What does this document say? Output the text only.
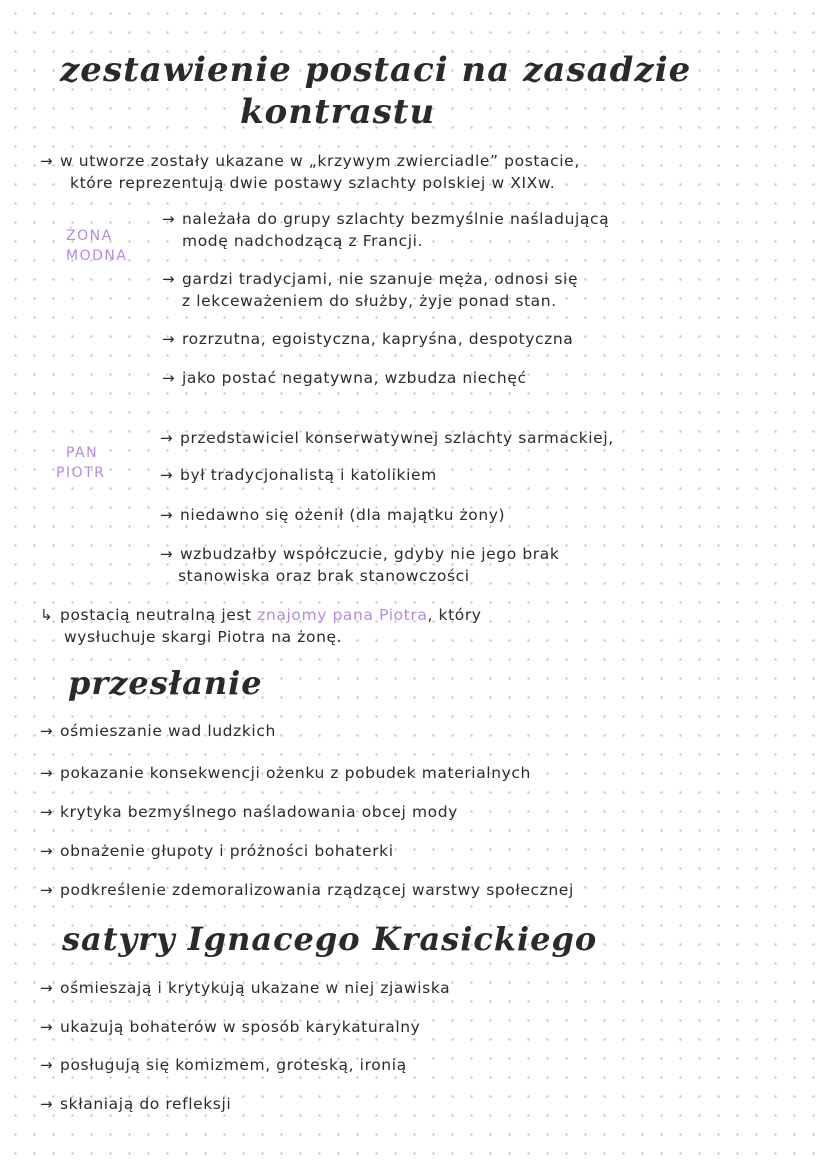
zestawienie postaci na zasadzie
kontrastu
→ w utworze zostały ukazane w „krzywym zwierciadle” postacie,
które reprezentują dwie postawy szlachty polskiej w XIXw.
ŻONA
MODNA
→ należała do grupy szlachty bezmyślnie naśladującą
modę nadchodzącą z Francji.
→ gardzi tradycjami, nie szanuje męża, odnosi się
z lekceważeniem do służby, żyje ponad stan.
→ rozrzutna, egoistyczna, kapryśna, despotyczna
→ jako postać negatywna, wzbudza niechęć
PAN
PIOTR
→ przedstawiciel konserwatywnej szlachty sarmackiej,
→ był tradycjonalistą i katolikiem
→ niedawno się ożenił (dla majątku żony)
→ wzbudzałby współczucie, gdyby nie jego brak
stanowiska oraz brak stanowczości
↳ postacią neutralną jest znajomy pana Piotra, który
wysłuchuje skargi Piotra na żonę.
przesłanie
→ ośmieszanie wad ludzkich
→ pokazanie konsekwencji ożenku z pobudek materialnych
→ krytyka bezmyślnego naśladowania obcej mody
→ obnażenie głupoty i próżności bohaterki
→ podkreślenie zdemoralizowania rządzącej warstwy społecznej
satyry Ignacego Krasickiego
→ ośmieszają i krytykują ukazane w niej zjawiska
→ ukazują bohaterów w sposób karykaturalny
→ posługują się komizmem, groteską, ironią
→ skłaniają do refleksji
